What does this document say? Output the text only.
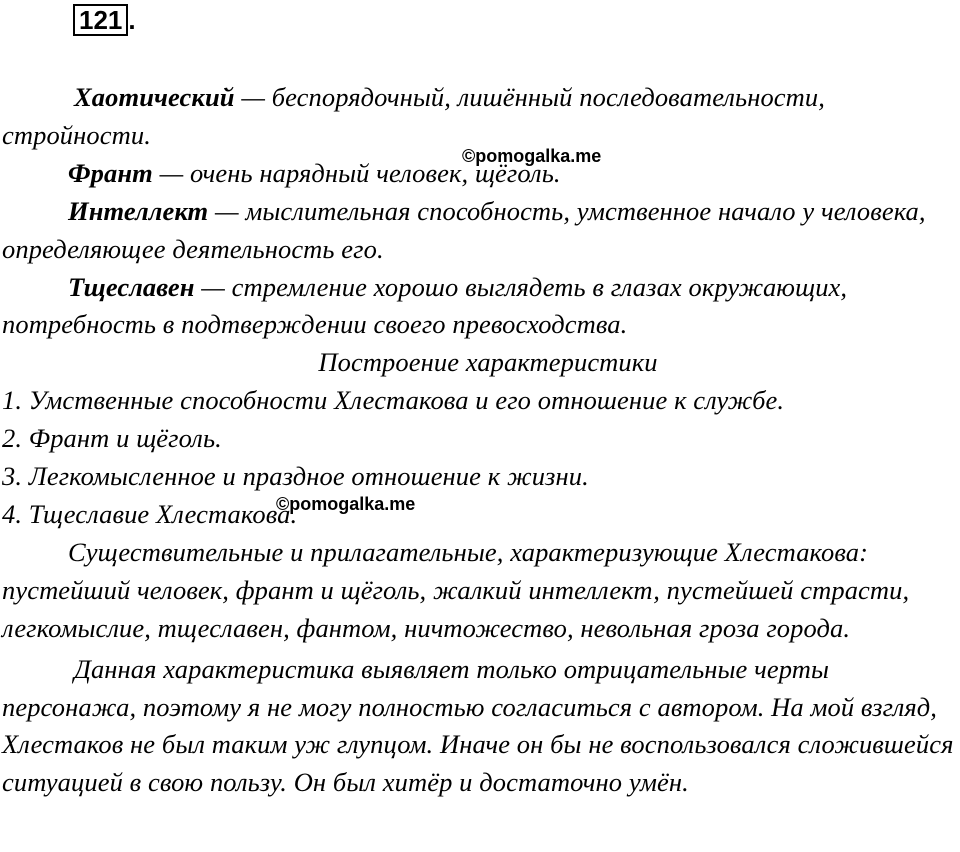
121 .

Хаотический — беспорядочный, лишённый последовательности, стройности.

Франт — очень нарядный человек, щёголь.

Интеллект — мыслительная способность, умственное начало у человека, определяющее деятельность его.

Тщеславен — стремление хорошо выглядеть в глазах окружающих, потребность в подтверждении своего превосходства.

Построение характеристики

1. Умственные способности Хлестакова и его отношение к службе.

2. Франт и щёголь.

3. Легкомысленное и праздное отношение к жизни.

4. Тщеславие Хлестакова.

Существительные и прилагательные, характеризующие Хлестакова: пустейший человек, франт и щёголь, жалкий интеллект, пустейшей страсти, легкомыслие, тщеславен, фантом, ничтожество, невольная гроза города.

Данная характеристика выявляет только отрицательные черты персонажа, поэтому я не могу полностью согласиться с автором. На мой взгляд, Хлестаков не был таким уж глупцом. Иначе он бы не воспользовался сложившейся ситуацией в свою пользу. Он был хитёр и достаточно умён.

©pomogalka.me
©pomogalka.me
